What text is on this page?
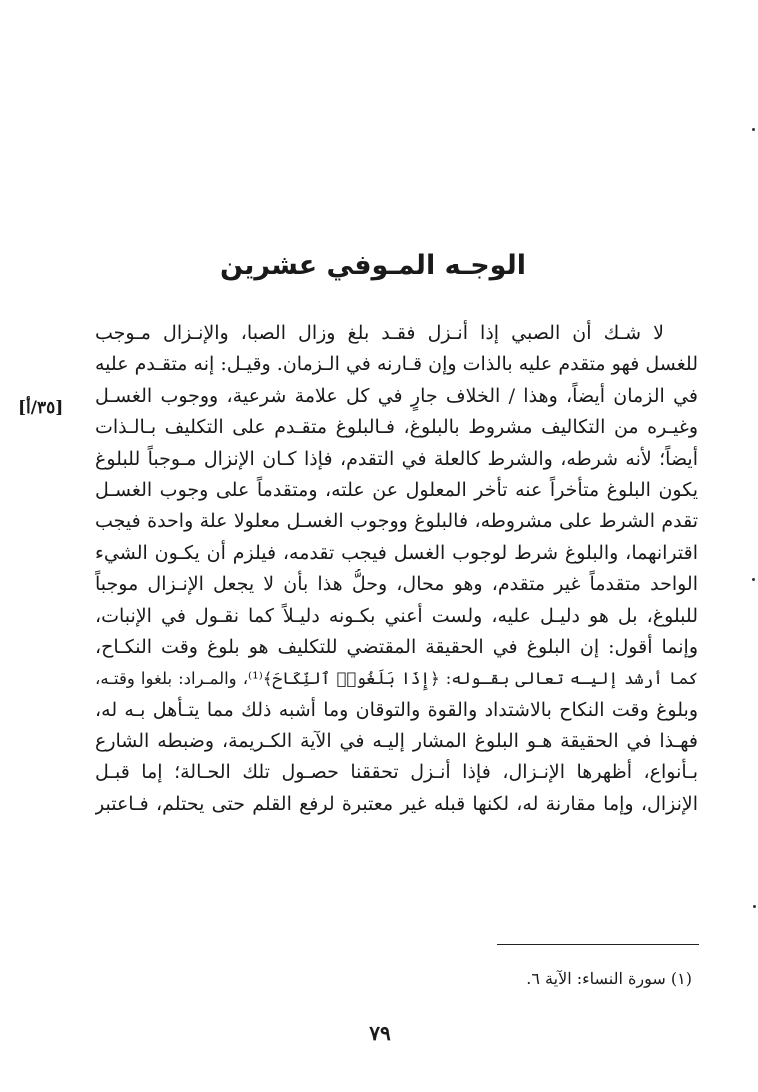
الوجـه المـوفي عشرين
[٣٥/أ]
لا شـك أن الصبي إذا أنـزل فقـد بلغ وزال الصبا، والإنـزال مـوجب
للغسل فهو متقدم عليه بالذات وإن قـارنه في الـزمان. وقيـل: إنه متقـدم عليه
في الزمان أيضاً، وهذا / الخلاف جارٍ في كل علامة شرعية، ووجوب الغسـل
وغيـره من التكاليف مشروط بالبلوغ، فـالبلوغ متقـدم على التكليف بـالـذات
أيضاً؛ لأنه شرطه، والشرط كالعلة في التقدم، فإذا كـان الإنزال مـوجباً للبلوغ
يكون البلوغ متأخراً عنه تأخر المعلول عن علته، ومتقدماً على وجوب الغسـل
تقدم الشرط على مشروطه، فالبلوغ ووجوب الغسـل معلولا علة واحدة فيجب
اقترانهما، والبلوغ شرط لوجوب الغسل فيجب تقدمه، فيلزم أن يكـون الشيء
الواحد متقدماً غير متقدم، وهو محال، وحلُّ هذا بأن لا يجعل الإنـزال موجباً
للبلوغ، بل هو دليـل عليه، ولست أعني بكـونه دليـلاً كما نقـول في الإنبات،
وإنما أقول: إن البلوغ في الحقيقة المقتضي للتكليف هو بلوغ وقت النكـاح،
كما أرشد إليـه تعالى بقـوله: ﴿إِذَا بَلَغُوا۟ ٱلنِّكَاحَ﴾⁽¹⁾، والمـراد: بلغوا وقتـه،
وبلوغ وقت النكاح بالاشتداد والقوة والتوقان وما أشبه ذلك مما يتـأهل بـه له،
فهـذا في الحقيقة هـو البلوغ المشار إليـه في الآية الكـريمة، وضبطه الشارع
بـأنواع، أظهرها الإنـزال، فإذا أنـزل تحققنا حصـول تلك الحـالة؛ إما قبـل
الإنزال، وإما مقارنة له، لكنها قبله غير معتبرة لرفع القلم حتى يحتلم، فـاعتبر
(١) سورة النساء: الآية ٦.
٧٩
